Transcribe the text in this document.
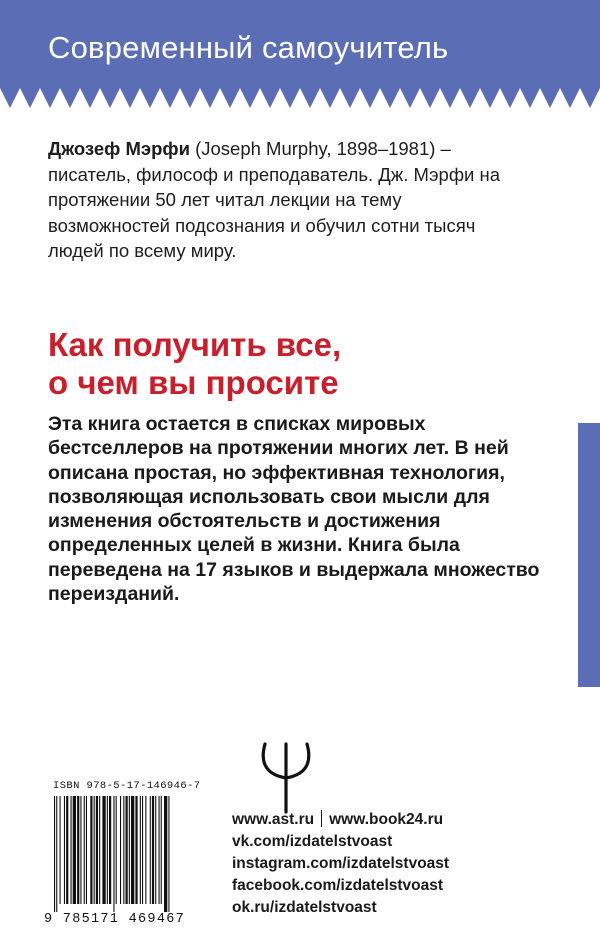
Современный самоучитель
Джозеф Мэрфи (Joseph Murphy, 1898–1981) – писатель, философ и преподаватель. Дж. Мэрфи на протяжении 50 лет читал лекции на тему возможностей подсознания и обучил сотни тысяч людей по всему миру.
Как получить все,
о чем вы просите
Эта книга остается в списках мировых бестселлеров на протяжении многих лет. В ней описана простая, но эффективная технология, позволяющая использовать свои мысли для изменения обстоятельств и достижения определенных целей в жизни. Книга была переведена на 17 языков и выдержала множество переизданий.
ISBN 978-5-17-146946-7
9 785171 469467
www.ast.ru www.book24.ru
vk.com/izdatelstvoast
instagram.com/izdatelstvoast
facebook.com/izdatelstvoast
ok.ru/izdatelstvoast
